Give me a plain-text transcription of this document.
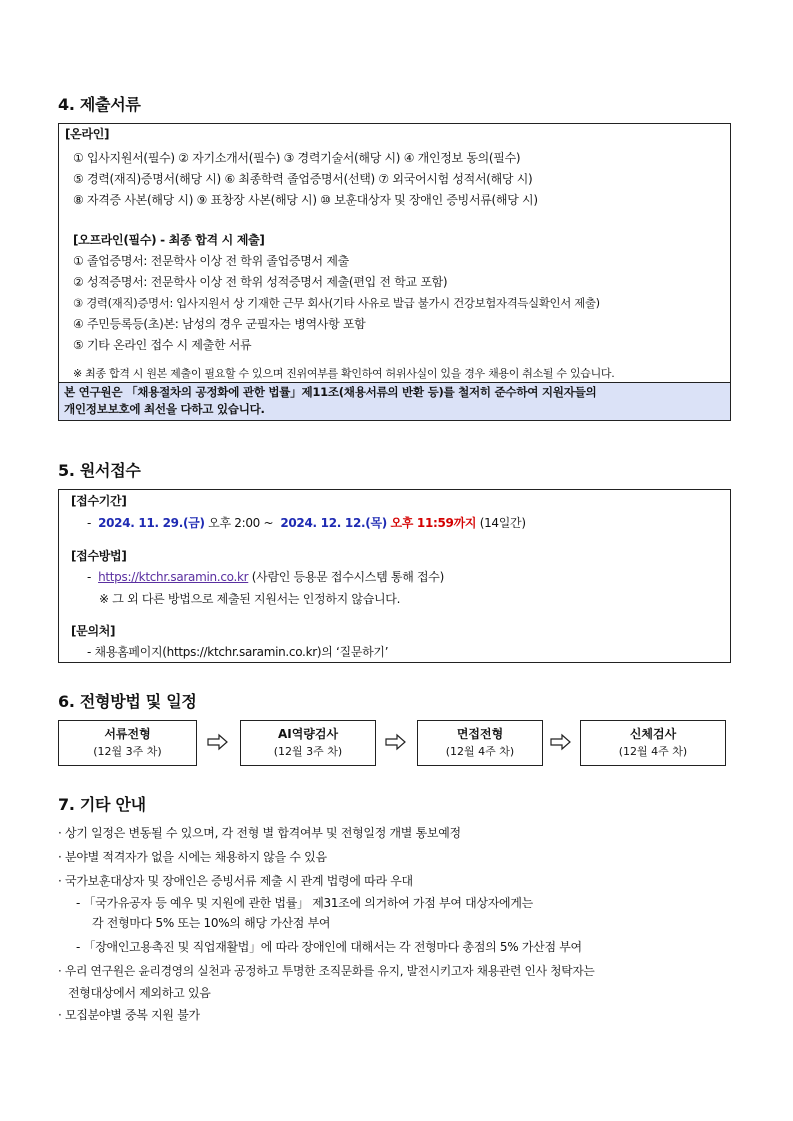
4. 제출서류
[온라인]
① 입사지원서(필수) ② 자기소개서(필수) ③ 경력기술서(해당 시) ④ 개인정보 동의(필수)
⑤ 경력(재직)증명서(해당 시) ⑥ 최종학력 졸업증명서(선택) ⑦ 외국어시험 성적서(해당 시)
⑧ 자격증 사본(해당 시) ⑨ 표창장 사본(해당 시) ⑩ 보훈대상자 및 장애인 증빙서류(해당 시)
[오프라인(필수) - 최종 합격 시 제출]
① 졸업증명서: 전문학사 이상 전 학위 졸업증명서 제출
② 성적증명서: 전문학사 이상 전 학위 성적증명서 제출(편입 전 학교 포함)
③ 경력(재직)증명서: 입사지원서 상 기재한 근무 회사(기타 사유로 발급 불가시 건강보험자격득실확인서 제출)
④ 주민등록등(초)본: 남성의 경우 군필자는 병역사항 포함
⑤ 기타 온라인 접수 시 제출한 서류
※ 최종 합격 시 원본 제출이 필요할 수 있으며 진위여부를 확인하여 허위사실이 있을 경우 채용이 취소될 수 있습니다.
본 연구원은 「채용절차의 공정화에 관한 법률」제11조(채용서류의 반환 등)를 철저히 준수하여 지원자들의
개인정보보호에 최선을 다하고 있습니다.
5. 원서접수
[접수기간]
- 2024. 11. 29.(금) 오후 2:00 ~ 2024. 12. 12.(목) 오후 11:59까지 (14일간)
[접수방법]
- https://ktchr.saramin.co.kr (사람인 등용문 접수시스템 통해 접수)
※ 그 외 다른 방법으로 제출된 지원서는 인정하지 않습니다.
[문의처]
- 채용홈페이지(https://ktchr.saramin.co.kr)의 ‘질문하기’
6. 전형방법 및 일정
서류전형
(12월 3주 차)
AI역량검사
(12월 3주 차)
면접전형
(12월 4주 차)
신체검사
(12월 4주 차)
7. 기타 안내
· 상기 일정은 변동될 수 있으며, 각 전형 별 합격여부 및 전형일정 개별 통보예정
· 분야별 적격자가 없을 시에는 채용하지 않을 수 있음
· 국가보훈대상자 및 장애인은 증빙서류 제출 시 관계 법령에 따라 우대
- 「국가유공자 등 예우 및 지원에 관한 법률」 제31조에 의거하여 가점 부여 대상자에게는
각 전형마다 5% 또는 10%의 해당 가산점 부여
- 「장애인고용촉진 및 직업재활법」에 따라 장애인에 대해서는 각 전형마다 총점의 5% 가산점 부여
· 우리 연구원은 윤리경영의 실천과 공정하고 투명한 조직문화를 유지, 발전시키고자 채용관련 인사 청탁자는
전형대상에서 제외하고 있음
· 모집분야별 중복 지원 불가
